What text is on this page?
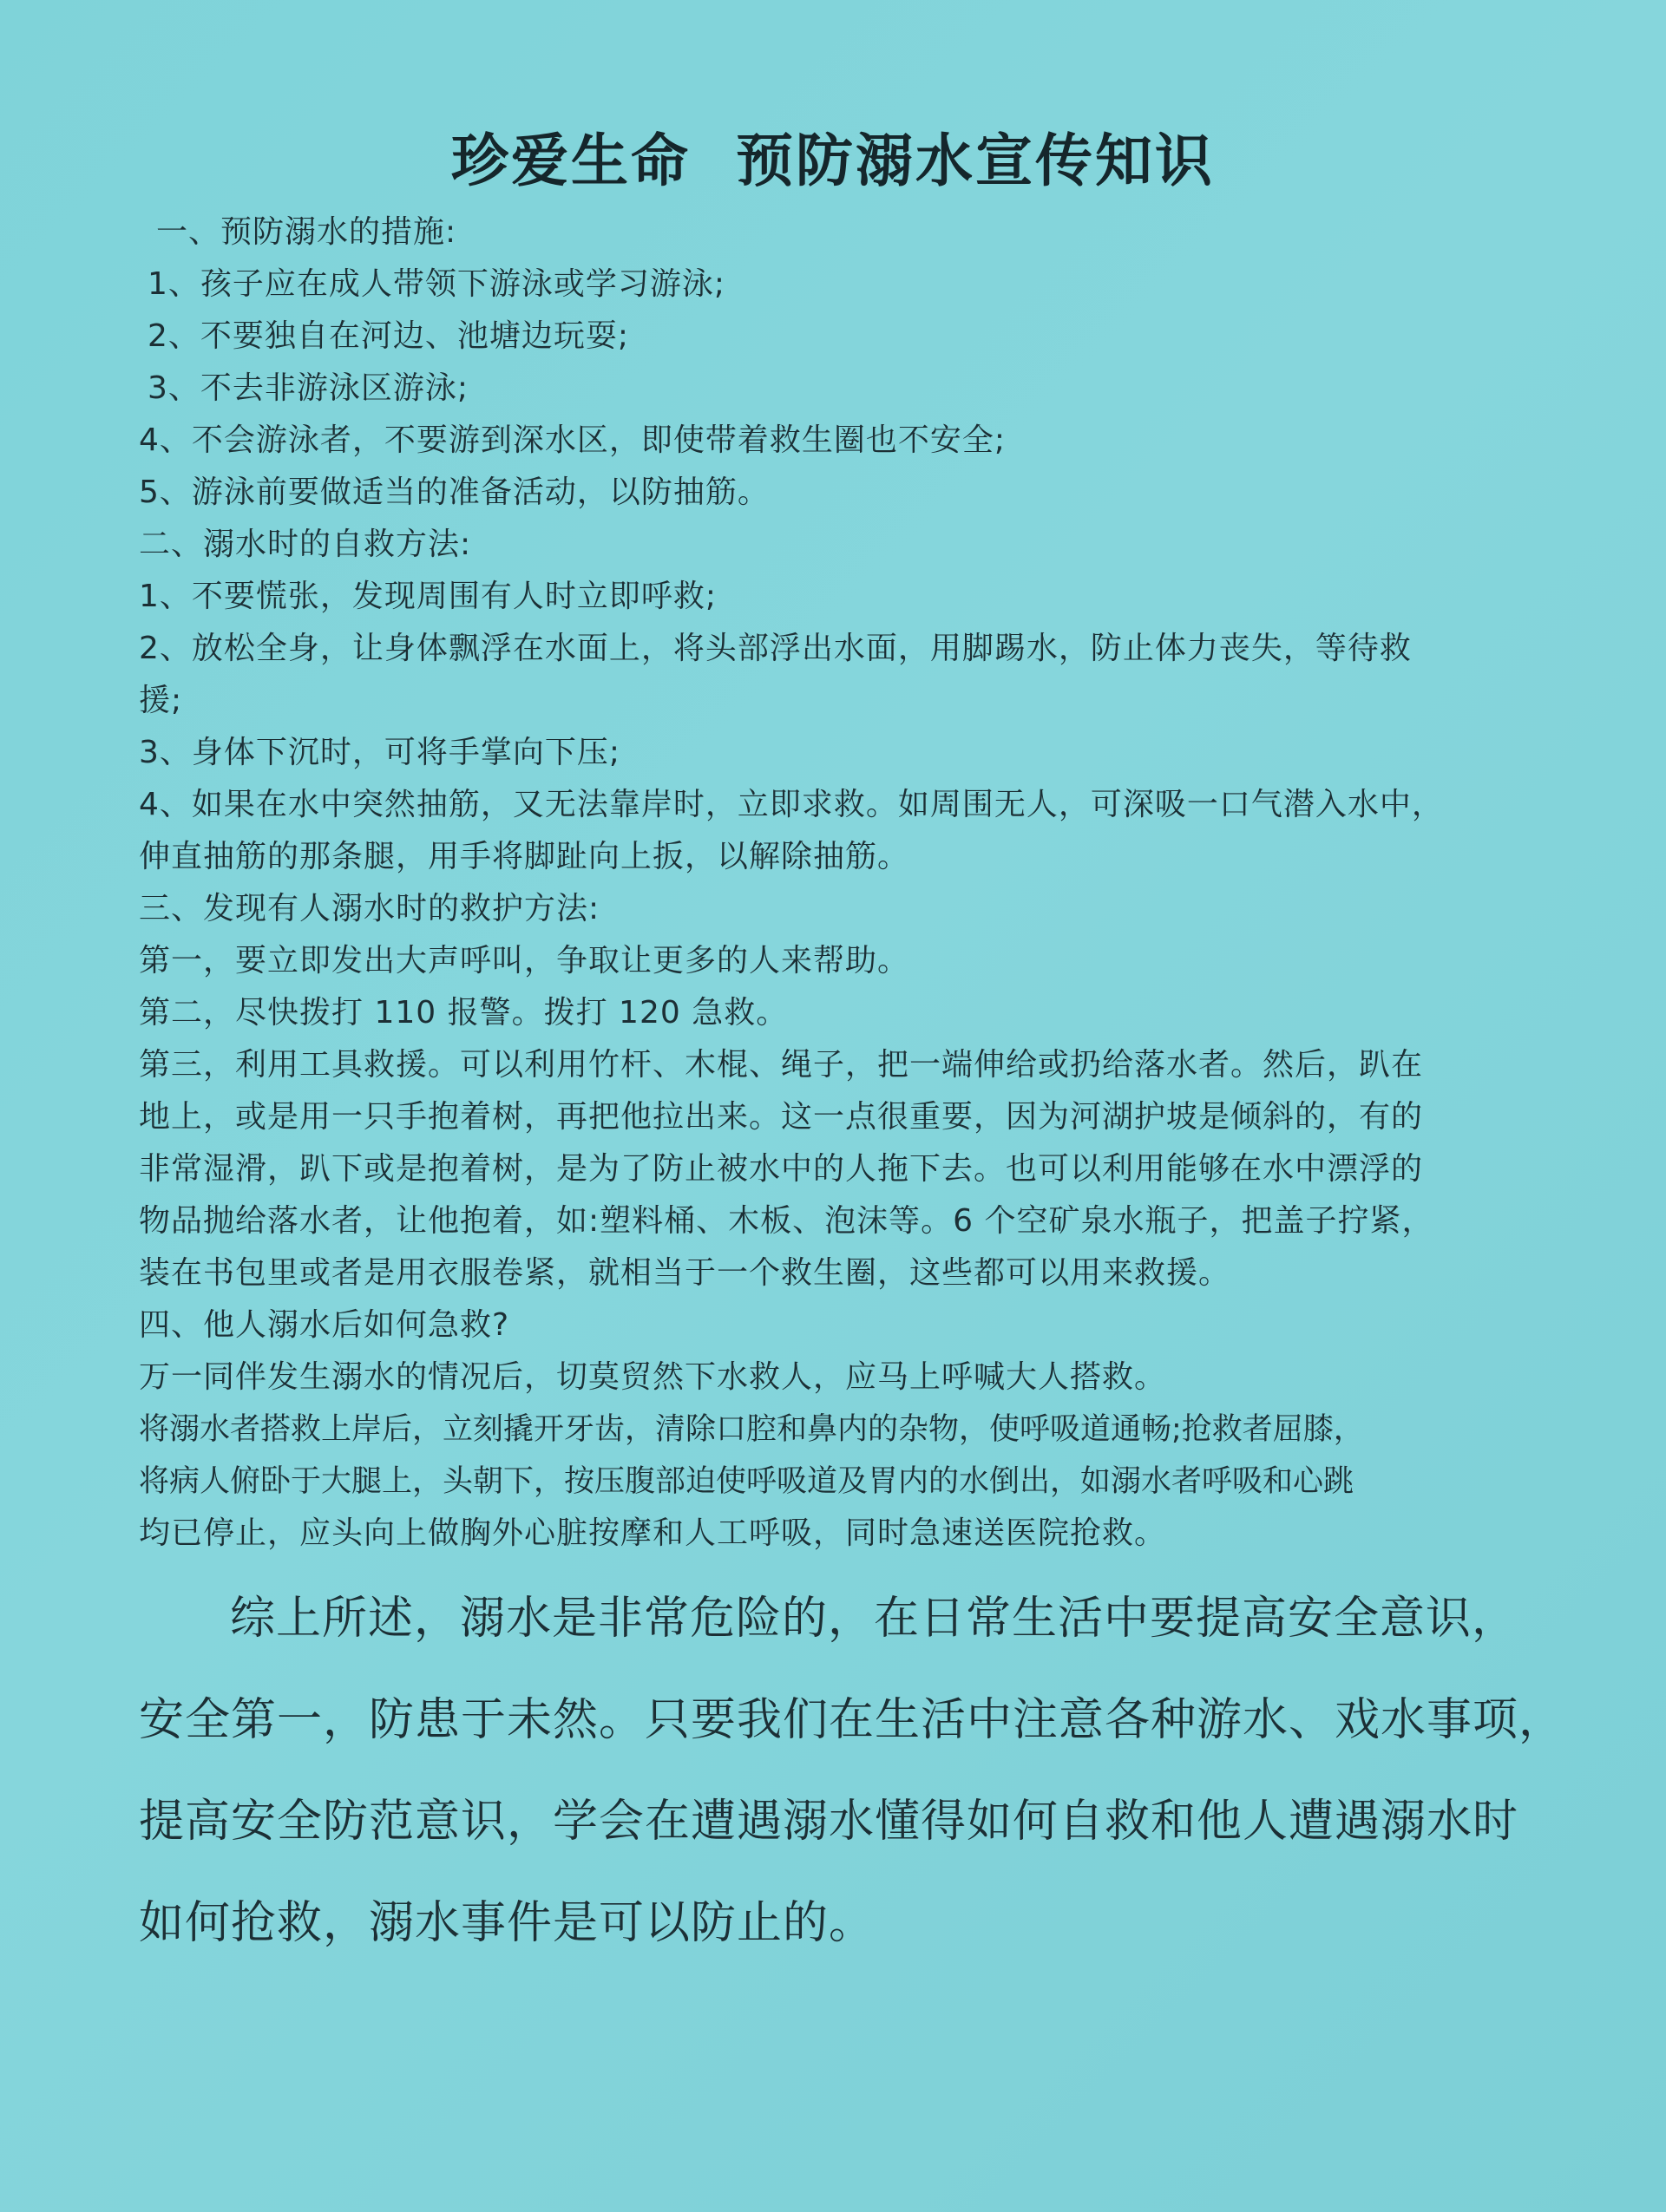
珍爱生命  预防溺水宣传知识
一、预防溺水的措施:
1、孩子应在成人带领下游泳或学习游泳;
2、不要独自在河边、池塘边玩耍;
3、不去非游泳区游泳;
4、不会游泳者，不要游到深水区，即使带着救生圈也不安全;
5、游泳前要做适当的准备活动，以防抽筋。
二、溺水时的自救方法:
1、不要慌张，发现周围有人时立即呼救;
2、放松全身，让身体飘浮在水面上，将头部浮出水面，用脚踢水，防止体力丧失，等待救
援;
3、身体下沉时，可将手掌向下压;
4、如果在水中突然抽筋，又无法靠岸时，立即求救。如周围无人，可深吸一口气潜入水中，
伸直抽筋的那条腿，用手将脚趾向上扳，以解除抽筋。
三、发现有人溺水时的救护方法:
第一，要立即发出大声呼叫，争取让更多的人来帮助。
第二，尽快拨打 110 报警。拨打 120 急救。
第三，利用工具救援。可以利用竹杆、木棍、绳子，把一端伸给或扔给落水者。然后，趴在
地上，或是用一只手抱着树，再把他拉出来。这一点很重要，因为河湖护坡是倾斜的，有的
非常湿滑，趴下或是抱着树，是为了防止被水中的人拖下去。也可以利用能够在水中漂浮的
物品抛给落水者，让他抱着，如:塑料桶、木板、泡沫等。6 个空矿泉水瓶子，把盖子拧紧，
装在书包里或者是用衣服卷紧，就相当于一个救生圈，这些都可以用来救援。
四、他人溺水后如何急救?
万一同伴发生溺水的情况后，切莫贸然下水救人，应马上呼喊大人搭救。
将溺水者搭救上岸后，立刻撬开牙齿，清除口腔和鼻内的杂物，使呼吸道通畅;抢救者屈膝，
将病人俯卧于大腿上，头朝下，按压腹部迫使呼吸道及胃内的水倒出，如溺水者呼吸和心跳
均已停止，应头向上做胸外心脏按摩和人工呼吸，同时急速送医院抢救。
综上所述，溺水是非常危险的，在日常生活中要提高安全意识，
安全第一，防患于未然。只要我们在生活中注意各种游水、戏水事项，
提高安全防范意识，学会在遭遇溺水懂得如何自救和他人遭遇溺水时
如何抢救，溺水事件是可以防止的。
